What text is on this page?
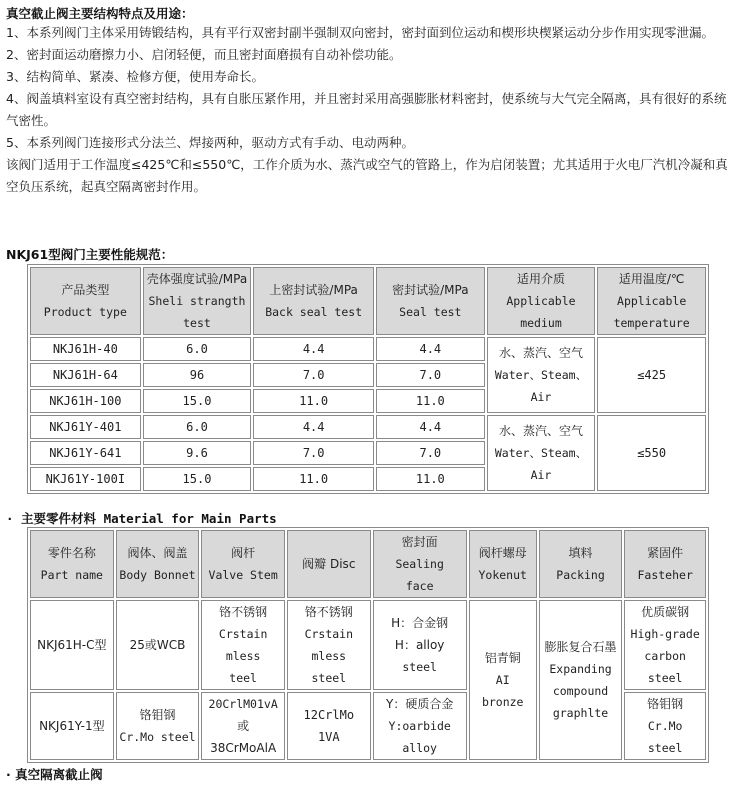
真空截止阀主要结构特点及用途：

1、本系列阀门主体采用铸锻结构，具有平行双密封副半强制双向密封，密封面到位运动和楔形块楔紧运动分步作用实现零泄漏。

2、密封面运动磨擦力小、启闭轻便，而且密封面磨损有自动补偿功能。

3、结构简单、紧凑、检修方便，使用寿命长。

4、阀盖填料室设有真空密封结构，具有自胀压紧作用，并且密封采用高强膨胀材料密封，使系统与大气完全隔离，具有很好的系统气密性。

5、本系列阀门连接形式分法兰、焊接两种，驱动方式有手动、电动两种。

该阀门适用于工作温度≤425℃和≤550℃，工作介质为水、蒸汽或空气的管路上，作为启闭装置；尤其适用于火电厂汽机冷凝和真空负压系统，起真空隔离密封作用。

NKJ61型阀门主要性能规范：
产品类型
Product type	壳体强度试验/MPa
Sheli strangth test	上密封试验/MPa
Back seal test	密封试验/MPa
Seal test	适用介质
Applicable medium	适用温度/℃
Applicable temperature

NKJ61H-40	6.0	4.4	4.4	水、蒸汽、空气
Water、Steam、
Air	≤425
NKJ61H-64	96	7.0	7.0		
NKJ61H-100	15.0	11.0	11.0		
NKJ61Y-401	6.0	4.4	4.4	水、蒸汽、空气
Water、Steam、
Air	≤550
NKJ61Y-641	9.6	7.0	7.0		
NKJ61Y-100I	15.0	11.0	11.0		
· 主要零件材料 Material for Main Parts
零件名称
Part name	阀体、阀盖
Body Bonnet	阀杆
Valve Stem	阀瓣 Disc	密封面
Sealing
face	阀杆螺母
Yokenut	填料
Packing	紧固件
Fasteher

NKJ61H-C型	25或WCB	铬不锈钢
Crstain
mless
teel	铬不锈钢
Crstain
mless
steel	H：合金钢
H：alloy
steel	铝青铜
AI
bronze	膨胀复合石墨
Expanding
compound
graphlte	优质碳钢
High-grade
carbon
steel

NKJ61Y-1型	铬钼钢
Cr.Mo steel	20CrlM01vA
或38CrMoAlA	12CrlMo 1VA	Y：硬质合金
Y:oarbide
alloy			铬钼钢
Cr.Mo steel
· 真空隔离截止阀
